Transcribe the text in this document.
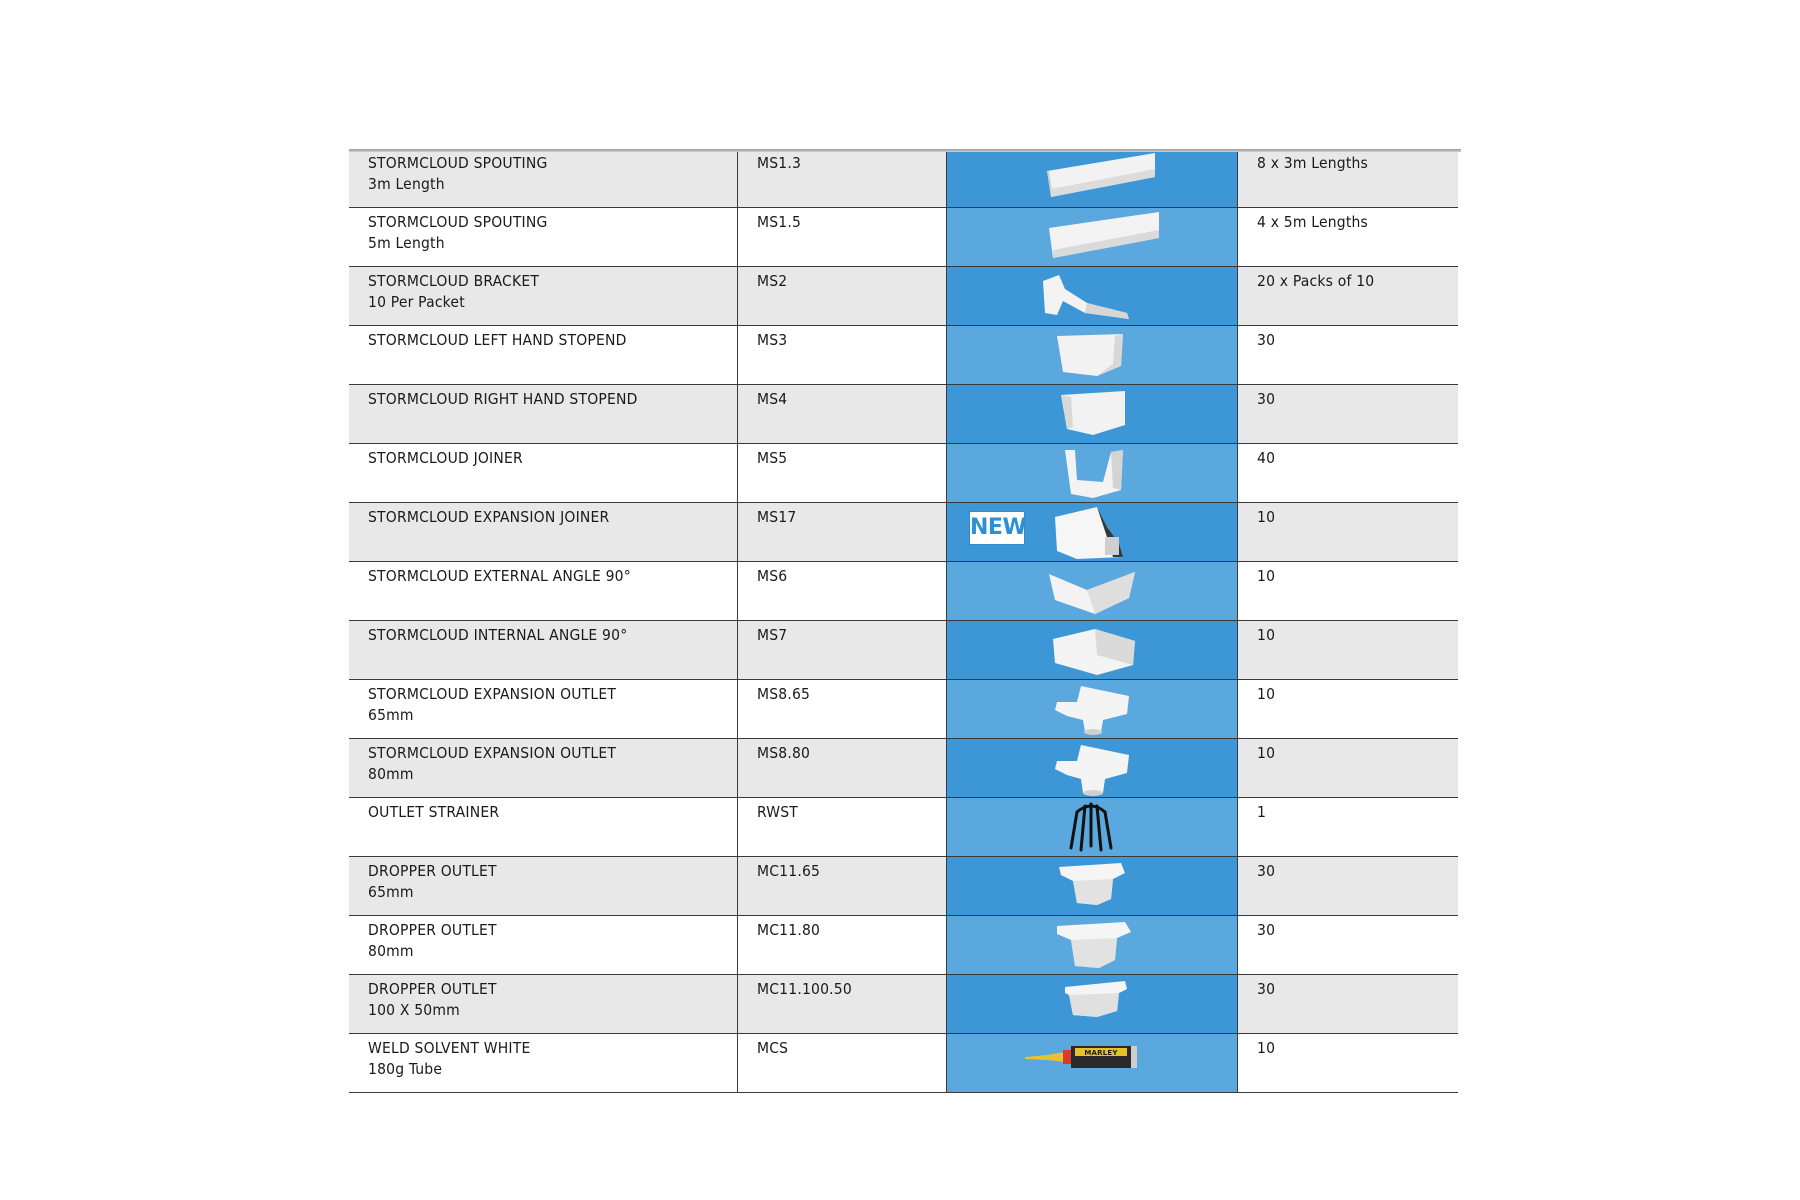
STORMCLOUD SPOUTING
3m Length	MS1.3		8 x 3m Lengths

STORMCLOUD SPOUTING
5m Length	MS1.5		4 x 5m Lengths

STORMCLOUD BRACKET
10 Per Packet	MS2		20 x Packs of 10

STORMCLOUD LEFT HAND STOPEND	MS3		30

STORMCLOUD RIGHT HAND STOPEND	MS4		30

STORMCLOUD JOINER	MS5		40

STORMCLOUD EXPANSION JOINER	MS17	NEW	10

STORMCLOUD EXTERNAL ANGLE 90°	MS6		10

STORMCLOUD INTERNAL ANGLE 90°	MS7		10

STORMCLOUD EXPANSION OUTLET
65mm	MS8.65		10

STORMCLOUD EXPANSION OUTLET
80mm	MS8.80		10

OUTLET STRAINER	RWST		1

DROPPER OUTLET
65mm	MC11.65		30

DROPPER OUTLET
80mm	MC11.80		30

DROPPER OUTLET
100 X 50mm	MC11.100.50		30

WELD SOLVENT WHITE
180g Tube	MCS	MARLEY	10
